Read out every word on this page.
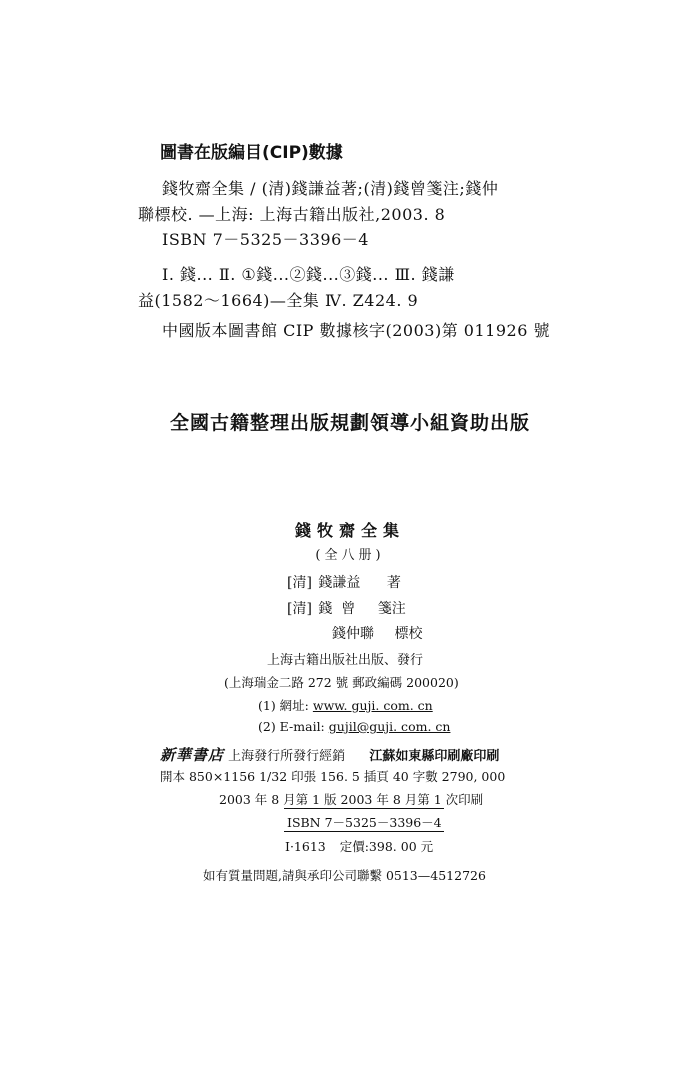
圖書在版編目(CIP)數據
錢牧齋全集 / (清)錢謙益著;(清)錢曾箋注;錢仲
聯標校. —上海: 上海古籍出版社,2003. 8
ISBN 7－5325－3396－4
Ⅰ. 錢... Ⅱ. ①錢...②錢...③錢... Ⅲ. 錢謙
益(1582～1664)—全集 Ⅳ. Z424. 9
中國版本圖書館 CIP 數據核字(2003)第 011926 號
全國古籍整理出版規劃領導小組資助出版
錢牧齋全集
(全八册)
[清] 錢謙益 著
[清] 錢  曾 箋注
錢仲聯 標校
上海古籍出版社出版、發行
(上海瑞金二路 272 號 郵政編碼 200020)
(1) 網址: www. guji. com. cn
(2) E-mail: gujil@guji. com. cn
新華書店 上海發行所發行經銷 江蘇如東縣印刷廠印刷
開本 850×1156 1/32 印張 156. 5 插頁 40 字數 2790, 000
2003 年 8 月第 1 版 2003 年 8 月第 1 次印刷
ISBN 7－5325－3396－4
Ⅰ·1613 定價:398. 00 元
如有質量問題,請與承印公司聯繫 0513—4512726
